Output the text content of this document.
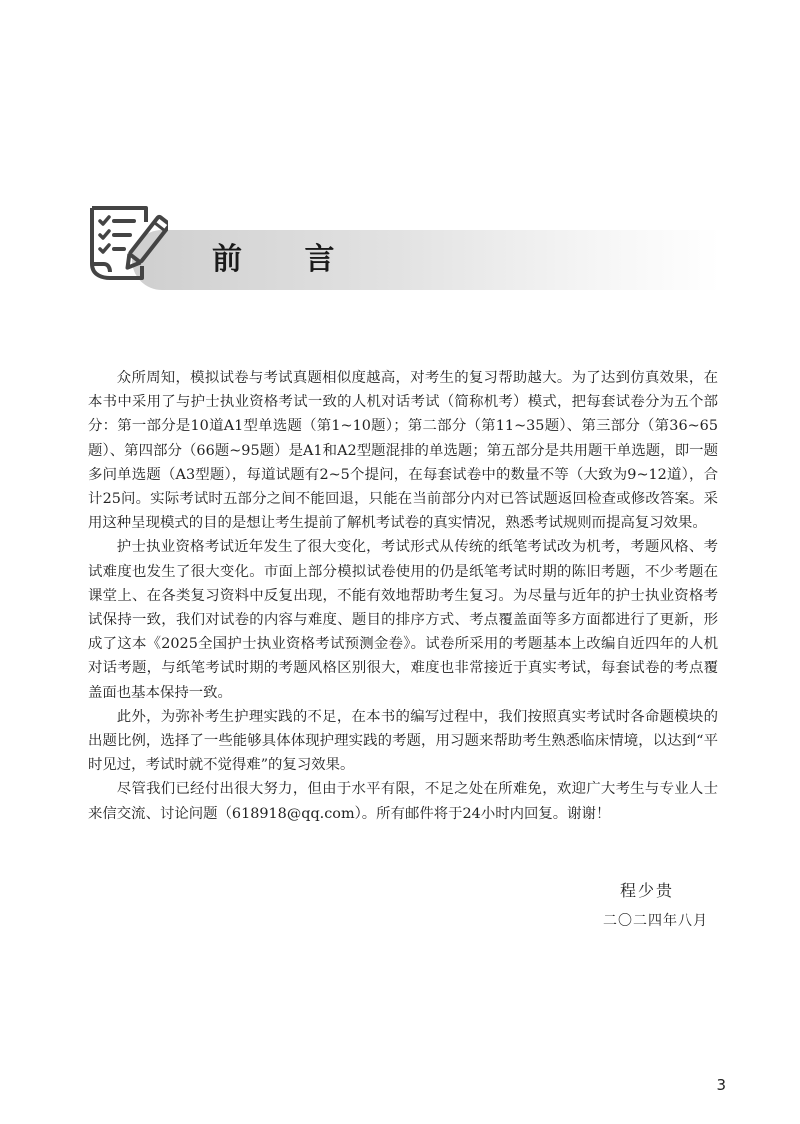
前 言

众所周知，模拟试卷与考试真题相似度越高，对考生的复习帮助越大。为了达到仿真效果，在本书中采用了与护士执业资格考试一致的人机对话考试（简称机考）模式，把每套试卷分为五个部分：第一部分是10道A1型单选题（第1~10题）；第二部分（第11~35题）、第三部分（第36~65题）、第四部分（66题~95题）是A1和A2型题混排的单选题；第五部分是共用题干单选题，即一题多问单选题（A3型题），每道试题有2~5个提问，在每套试卷中的数量不等（大致为9~12道），合计25问。实际考试时五部分之间不能回退，只能在当前部分内对已答试题返回检查或修改答案。采用这种呈现模式的目的是想让考生提前了解机考试卷的真实情况，熟悉考试规则而提高复习效果。

护士执业资格考试近年发生了很大变化，考试形式从传统的纸笔考试改为机考，考题风格、考试难度也发生了很大变化。市面上部分模拟试卷使用的仍是纸笔考试时期的陈旧考题，不少考题在课堂上、在各类复习资料中反复出现，不能有效地帮助考生复习。为尽量与近年的护士执业资格考试保持一致，我们对试卷的内容与难度、题目的排序方式、考点覆盖面等多方面都进行了更新，形成了这本《2025全国护士执业资格考试预测金卷》。试卷所采用的考题基本上改编自近四年的人机对话考题，与纸笔考试时期的考题风格区别很大，难度也非常接近于真实考试，每套试卷的考点覆盖面也基本保持一致。

此外，为弥补考生护理实践的不足，在本书的编写过程中，我们按照真实考试时各命题模块的出题比例，选择了一些能够具体体现护理实践的考题，用习题来帮助考生熟悉临床情境，以达到“平时见过，考试时就不觉得难”的复习效果。

尽管我们已经付出很大努力，但由于水平有限，不足之处在所难免，欢迎广大考生与专业人士来信交流、讨论问题（618918@qq.com）。所有邮件将于24小时内回复。谢谢！

程少贵
二〇二四年八月
3
